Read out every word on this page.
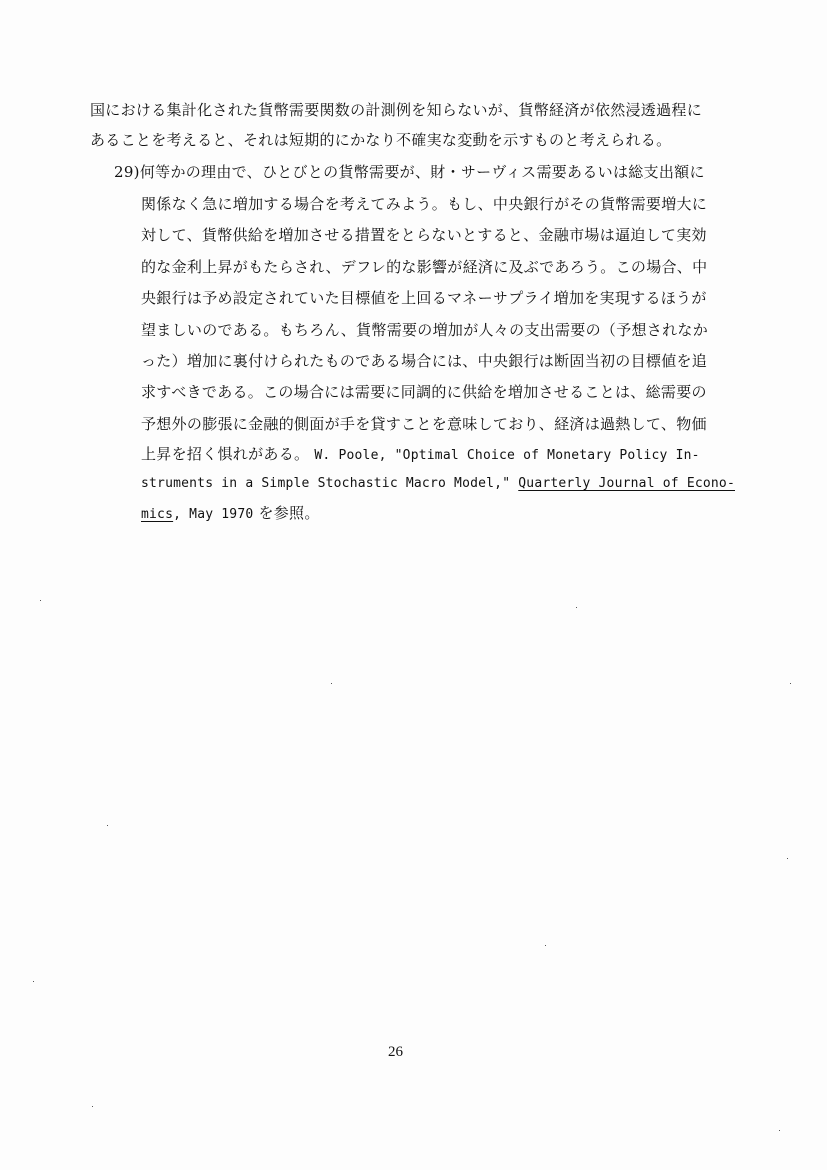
国における集計化された貨幣需要関数の計測例を知らないが、貨幣経済が依然浸透過程に
あることを考えると、それは短期的にかなり不確実な変動を示すものと考えられる。
29)何等かの理由で、ひとびとの貨幣需要が、財・サーヴィス需要あるいは総支出額に
関係なく急に増加する場合を考えてみよう。もし、中央銀行がその貨幣需要増大に
対して、貨幣供給を増加させる措置をとらないとすると、金融市場は逼迫して実効
的な金利上昇がもたらされ、デフレ的な影響が経済に及ぶであろう。この場合、中
央銀行は予め設定されていた目標値を上回るマネーサプライ増加を実現するほうが
望ましいのである。もちろん、貨幣需要の増加が人々の支出需要の（予想されなか
った）増加に裏付けられたものである場合には、中央銀行は断固当初の目標値を追
求すべきである。この場合には需要に同調的に供給を増加させることは、総需要の
予想外の膨張に金融的側面が手を貸すことを意味しており、経済は過熱して、物価
上昇を招く惧れがある。 W. Poole, "Optimal Choice of Monetary Policy In-
struments in a Simple Stochastic Macro Model," Quarterly Journal of Econo-
mics, May 1970 を参照。
26
